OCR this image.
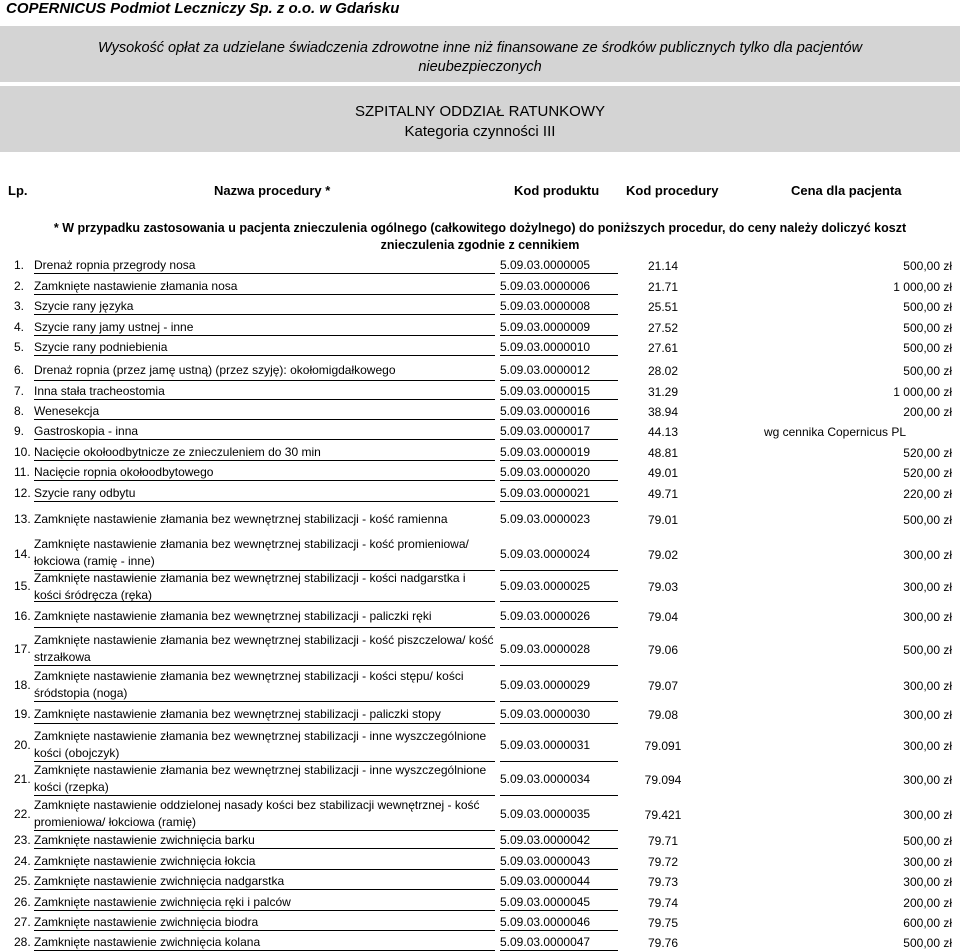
COPERNICUS Podmiot Leczniczy Sp. z o.o. w Gdańsku
Wysokość opłat za udzielane świadczenia zdrowotne inne niż finansowane ze środków publicznych tylko dla pacjentów
nieubezpieczonych
SZPITALNY ODDZIAŁ RATUNKOWY
Kategoria czynności III
Lp.	Nazwa procedury *	Kod produktu Kod procedury	Cena dla pacjenta
* W przypadku zastosowania u pacjenta znieczulenia ogólnego (całkowitego dożylnego) do poniższych procedur, do ceny należy doliczyć koszt znieczulenia zgodnie z cennikiem
1. Drenaż ropnia przegrody nosa	5.09.03.0000005	21.14	500,00 zł
2. Zamknięte nastawienie złamania nosa	5.09.03.0000006	21.71	1 000,00 zł
3. Szycie rany języka	5.09.03.0000008	25.51	500,00 zł
4. Szycie rany jamy ustnej - inne	5.09.03.0000009	27.52	500,00 zł
5. Szycie rany podniebienia	5.09.03.0000010	27.61	500,00 zł
6. Drenaż ropnia (przez jamę ustną) (przez szyję): okołomigdałkowego	5.09.03.0000012	28.02	500,00 zł
7. Inna stała tracheostomia	5.09.03.0000015	31.29	1 000,00 zł
8. Wenesekcja	5.09.03.0000016	38.94	200,00 zł
9. Gastroskopia - inna	5.09.03.0000017	44.13	wg cennika Copernicus PL
10. Nacięcie okołoodbytnicze ze znieczuleniem do 30 min	5.09.03.0000019	48.81	520,00 zł
11. Nacięcie ropnia okołoodbytowego	5.09.03.0000020	49.01	520,00 zł
12. Szycie rany odbytu	5.09.03.0000021	49.71	220,00 zł
13. Zamknięte nastawienie złamania bez wewnętrznej stabilizacji - kość ramienna	5.09.03.0000023	79.01	500,00 zł
14.
Zamknięte nastawienie złamania bez wewnętrznej stabilizacji - kość promieniowa/ łokciowa (ramię - inne)	5.09.03.0000024	79.02	300,00 zł
15.
Zamknięte nastawienie złamania bez wewnętrznej stabilizacji - kości nadgarstka i kości śródręcza (ręka)
5.09.03.0000025	79.03	300,00 zł
16. Zamknięte nastawienie złamania bez wewnętrznej stabilizacji - paliczki ręki	5.09.03.0000026	79.04	300,00 zł
17.
Zamknięte nastawienie złamania bez wewnętrznej stabilizacji - kość piszczelowa/ kość strzałkowa
5.09.03.0000028	79.06	500,00 zł
18.
Zamknięte nastawienie złamania bez wewnętrznej stabilizacji - kości stępu/ kości śródstopia (noga)
5.09.03.0000029	79.07	300,00 zł
19. Zamknięte nastawienie złamania bez wewnętrznej stabilizacji - paliczki stopy	5.09.03.0000030	79.08	300,00 zł
20.
Zamknięte nastawienie złamania bez wewnętrznej stabilizacji - inne wyszczególnione kości (obojczyk)
5.09.03.0000031	79.091	300,00 zł
21.
Zamknięte nastawienie złamania bez wewnętrznej stabilizacji - inne wyszczególnione kości (rzepka)
5.09.03.0000034	79.094	300,00 zł
22.
Zamknięte nastawienie oddzielonej nasady kości bez stabilizacji wewnętrznej - kość promieniowa/ łokciowa (ramię)
5.09.03.0000035	79.421	300,00 zł
23. Zamknięte nastawienie zwichnięcia barku	5.09.03.0000042	79.71	500,00 zł
24. Zamknięte nastawienie zwichnięcia łokcia	5.09.03.0000043	79.72	300,00 zł
25. Zamknięte nastawienie zwichnięcia nadgarstka	5.09.03.0000044	79.73	300,00 zł
26. Zamknięte nastawienie zwichnięcia ręki i palców	5.09.03.0000045	79.74	200,00 zł
27. Zamknięte nastawienie zwichnięcia biodra	5.09.03.0000046	79.75	600,00 zł
28. Zamknięte nastawienie zwichnięcia kolana	5.09.03.0000047	79.76	500,00 zł
